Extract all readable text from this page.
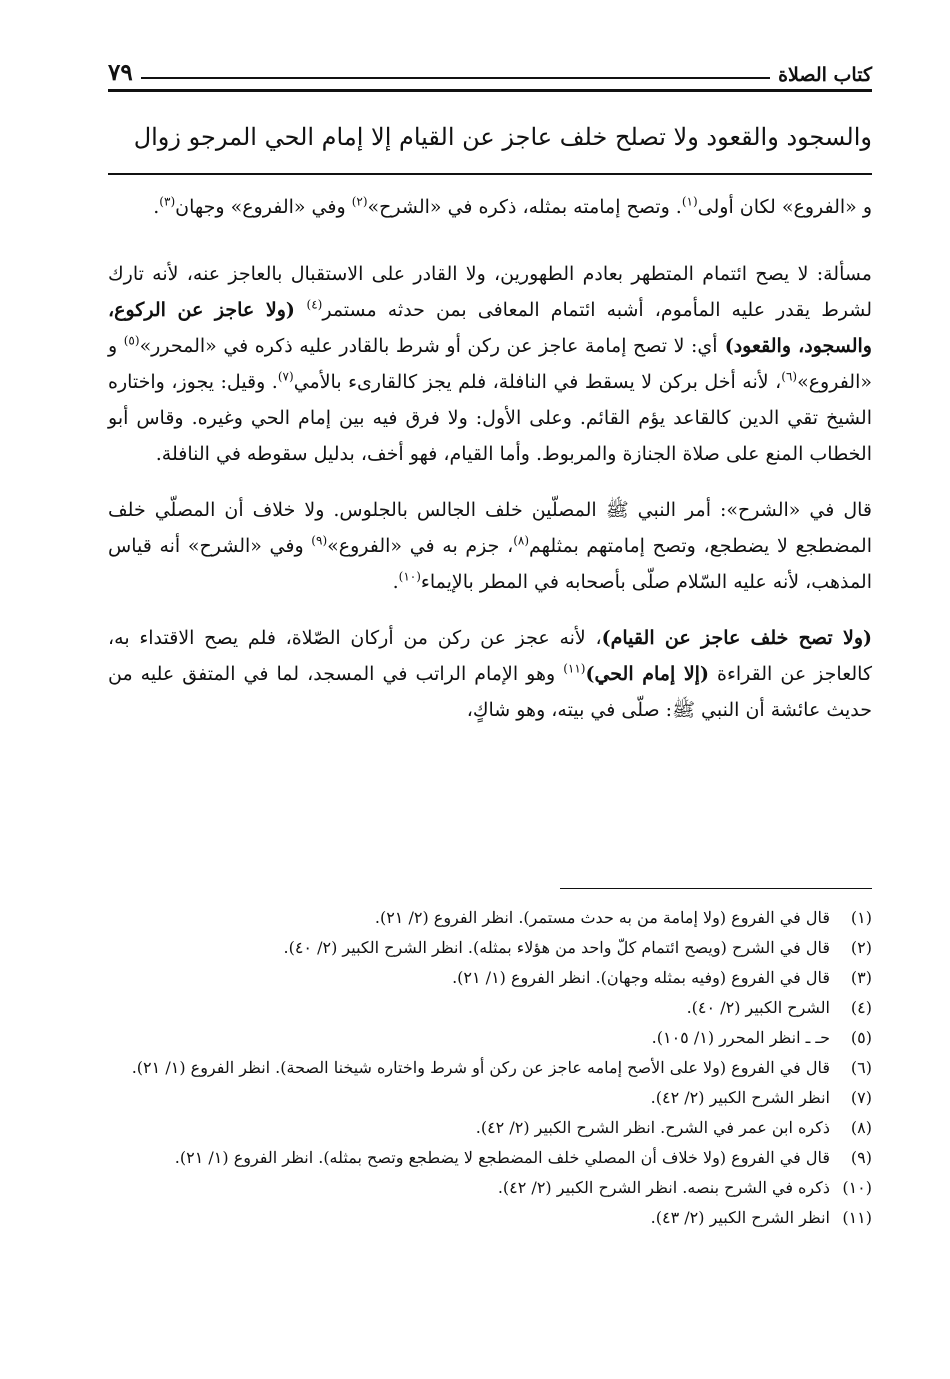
كتاب الصلاة
٧٩

والسجود والقعود ولا تصلح خلف عاجز عن القيام إلا إمام الحي المرجو زوال

و «الفروع» لكان أولى$^{(١)}$. وتصح إمامته بمثله، ذكره في «الشرح»$^{(٢)}$ وفي «الفروع» وجهان$^{(٣)}$.

مسألة: لا يصح ائتمام المتطهر بعادم الطهورين، ولا القادر على الاستقبال بالعاجز عنه، لأنه تارك لشرط يقدر عليه المأموم، أشبه ائتمام المعافى بمن حدثه مستمر$^{(٤)}$ (ولا عاجز عن الركوع، والسجود، والقعود) أي: لا تصح إمامة عاجز عن ركن أو شرط بالقادر عليه ذكره في «المحرر»$^{(٥)}$ و «الفروع»$^{(٦)}$، لأنه أخل بركن لا يسقط في النافلة، فلم يجز كالقارىء بالأمي$^{(٧)}$. وقيل: يجوز، واختاره الشيخ تقي الدين كالقاعد يؤم القائم. وعلى الأول: ولا فرق فيه بين إمام الحي وغيره. وقاس أبو الخطاب المنع على صلاة الجنازة والمربوط. وأما القيام، فهو أخف، بدليل سقوطه في النافلة.

قال في «الشرح»: أمر النبي ﷺ المصلّين خلف الجالس بالجلوس. ولا خلاف أن المصلّي خلف المضطجع لا يضطجع، وتصح إمامتهم بمثلهم$^{(٨)}$، جزم به في «الفروع»$^{(٩)}$ وفي «الشرح» أنه قياس المذهب، لأنه عليه السّلام صلّى بأصحابه في المطر بالإيماء$^{(١٠)}$.

(ولا تصح خلف عاجز عن القيام)، لأنه عجز عن ركن من أركان الصّلاة، فلم يصح الاقتداء به، كالعاجز عن القراءة (إلا إمام الحي)$^{(١١)}$ وهو الإمام الراتب في المسجد، لما في المتفق عليه من حديث عائشة أن النبي ﷺ: صلّى في بيته، وهو شاكٍ،

(١)
قال في الفروع (ولا إمامة من به حدث مستمر). انظر الفروع (٢/ ٢١).
(٢)
قال في الشرح (ويصح ائتمام كلّ واحد من هؤلاء بمثله). انظر الشرح الكبير (٢/ ٤٠).
(٣)
قال في الفروع (وفيه بمثله وجهان). انظر الفروع (١/ ٢١).
(٤)
الشرح الكبير (٢/ ٤٠).
(٥)
حـ ـ انظر المحرر (١/ ١٠٥).
(٦)
قال في الفروع (ولا على الأصح إمامه عاجز عن ركن أو شرط واختاره شيخنا الصحة). انظر الفروع (١/ ٢١).
(٧)
انظر الشرح الكبير (٢/ ٤٢).
(٨)
ذكره ابن عمر في الشرح. انظر الشرح الكبير (٢/ ٤٢).
(٩)
قال في الفروع (ولا خلاف أن المصلي خلف المضطجع لا يضطجع وتصح بمثله). انظر الفروع (١/ ٢١).
(١٠)
ذكره في الشرح بنصه. انظر الشرح الكبير (٢/ ٤٢).
(١١)
انظر الشرح الكبير (٢/ ٤٣).
